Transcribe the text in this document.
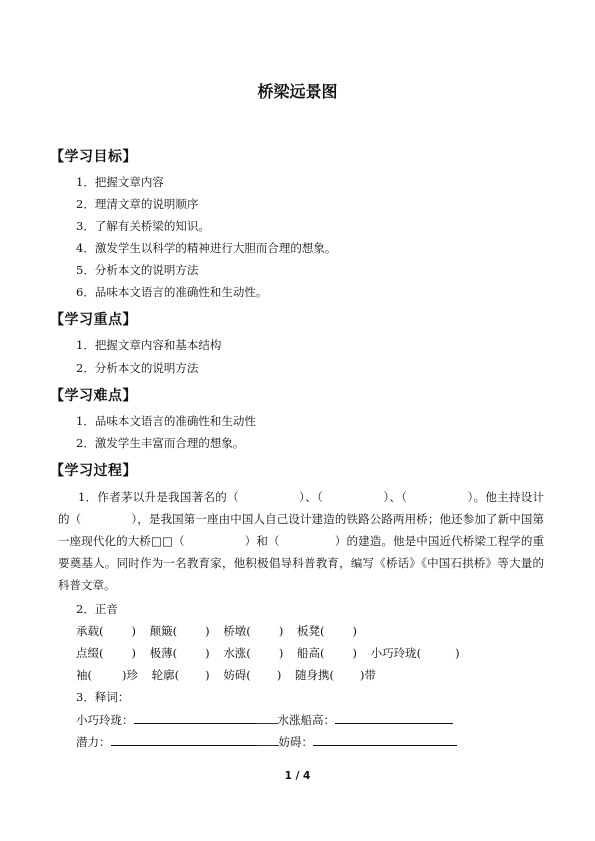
桥梁远景图
【学习目标】
1．把握文章内容
2．理清文章的说明顺序
3．了解有关桥梁的知识。
4．激发学生以科学的精神进行大胆而合理的想象。
5．分析本文的说明方法
6．品味本文语言的准确性和生动性。
【学习重点】
1．把握文章内容和基本结构
2．分析本文的说明方法
【学习难点】
1．品味本文语言的准确性和生动性
2．激发学生丰富而合理的想象。
【学习过程】
1．作者茅以升是我国著名的（	）、（	）、（	）。他主持设计的（	），是我国第一座由中国人自己设计建造的铁路公路两用桥；他还参加了新中国第一座现代化的大桥□□（	）和（	）的建造。他是中国近代桥梁工程学的重要奠基人。同时作为一名教育家，他积极倡导科普教育，编写《桥话》《中国石拱桥》等大量的科普文章。
2．正音
承载( ) 颠簸( ) 桥墩( ) 板凳( )
点缀( ) 极薄( ) 水涨( ) 船高( ) 小巧玲珑(	)
袖(	)珍 轮廓( ) 妨碍( ) 随身携( )带
3．释词：
小巧玲珑：	水涨船高：
潜力：	妨碍：
1 / 4
